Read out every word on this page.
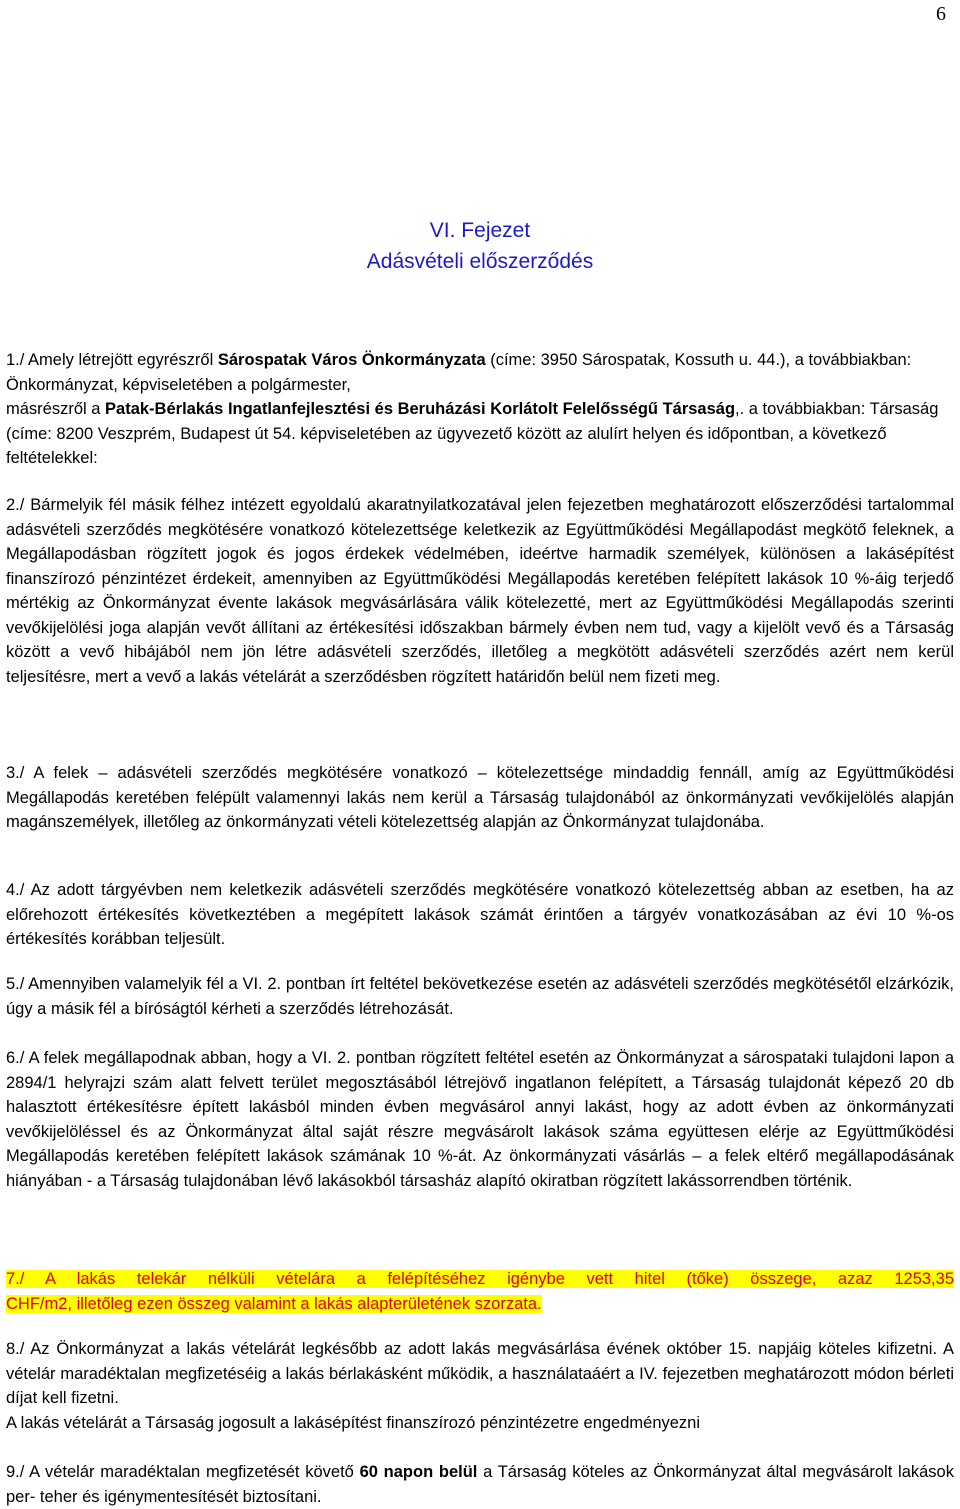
6
VI. Fejezet
Adásvételi előszerződés
1./ Amely létrejött egyrészről Sárospatak Város Önkormányzata (címe: 3950 Sárospatak, Kossuth u. 44.), a továbbiakban: Önkormányzat, képviseletében a polgármester,
másrészről a Patak-Bérlakás Ingatlanfejlesztési és Beruházási Korlátolt Felelősségű Társaság,. a továbbiakban: Társaság (címe: 8200 Veszprém, Budapest út 54. képviseletében az ügyvezető között az alulírt helyen és időpontban, a következő feltételekkel:
2./ Bármelyik fél másik félhez intézett egyoldalú akaratnyilatkozatával jelen fejezetben meghatározott előszerződési tartalommal adásvételi szerződés megkötésére vonatkozó kötelezettsége keletkezik az Együttműködési Megállapodást megkötő feleknek, a Megállapodásban rögzített jogok és jogos érdekek védelmében, ideértve harmadik személyek, különösen a lakásépítést finanszírozó pénzintézet érdekeit, amennyiben az Együttműködési Megállapodás keretében felépített lakások 10 %-áig terjedő mértékig az Önkormányzat évente lakások megvásárlására válik kötelezetté, mert az Együttműködési Megállapodás szerinti vevőkijelölési joga alapján vevőt állítani az értékesítési időszakban bármely évben nem tud, vagy a kijelölt vevő és a Társaság között a vevő hibájából nem jön létre adásvételi szerződés, illetőleg a megkötött adásvételi szerződés azért nem kerül teljesítésre, mert a vevő a lakás vételárát a szerződésben rögzített határidőn belül nem fizeti meg.
3./ A felek – adásvételi szerződés megkötésére vonatkozó – kötelezettsége mindaddig fennáll, amíg az Együttműködési Megállapodás keretében felépült valamennyi lakás nem kerül a Társaság tulajdonából az önkormányzati vevőkijelölés alapján magánszemélyek, illetőleg az önkormányzati vételi kötelezettség alapján az Önkormányzat tulajdonába.
4./ Az adott tárgyévben nem keletkezik adásvételi szerződés megkötésére vonatkozó kötelezettség abban az esetben, ha az előrehozott értékesítés következtében a megépített lakások számát érintően a tárgyév vonatkozásában az évi 10 %-os értékesítés korábban teljesült.
5./ Amennyiben valamelyik fél a VI. 2. pontban írt feltétel bekövetkezése esetén az adásvételi szerződés megkötésétől elzárkózik, úgy a másik fél a bíróságtól kérheti a szerződés létrehozását.
6./ A felek megállapodnak abban, hogy a VI. 2. pontban rögzített feltétel esetén az Önkormányzat a sárospataki tulajdoni lapon a 2894/1 helyrajzi szám alatt felvett terület megosztásából létrejövő ingatlanon felépített, a Társaság tulajdonát képező 20 db halasztott értékesítésre épített lakásból minden évben megvásárol annyi lakást, hogy az adott évben az önkormányzati vevőkijelöléssel és az Önkormányzat által saját részre megvásárolt lakások száma együttesen elérje az Együttműködési Megállapodás keretében felépített lakások számának 10 %-át. Az önkormányzati vásárlás – a felek eltérő megállapodásának hiányában - a Társaság tulajdonában lévő lakásokból társasház alapító okiratban rögzített lakássorrendben történik.
7./ A lakás telekár nélküli vételára a felépítéséhez igénybe vett hitel (tőke) összege, azaz 1253,35
CHF/m2, illetőleg ezen összeg valamint a lakás alapterületének szorzata.
8./ Az Önkormányzat a lakás vételárát legkésőbb az adott lakás megvásárlása évének október 15. napjáig köteles kifizetni. A vételár maradéktalan megfizetéséig a lakás bérlakásként működik, a használataáért a IV. fejezetben meghatározott módon bérleti díjat kell fizetni.
A lakás vételárát a Társaság jogosult a lakásépítést finanszírozó pénzintézetre engedményezni
9./ A vételár maradéktalan megfizetését követő 60 napon belül a Társaság köteles az Önkormányzat által megvásárolt lakások per- teher és igénymentesítését biztosítani.
